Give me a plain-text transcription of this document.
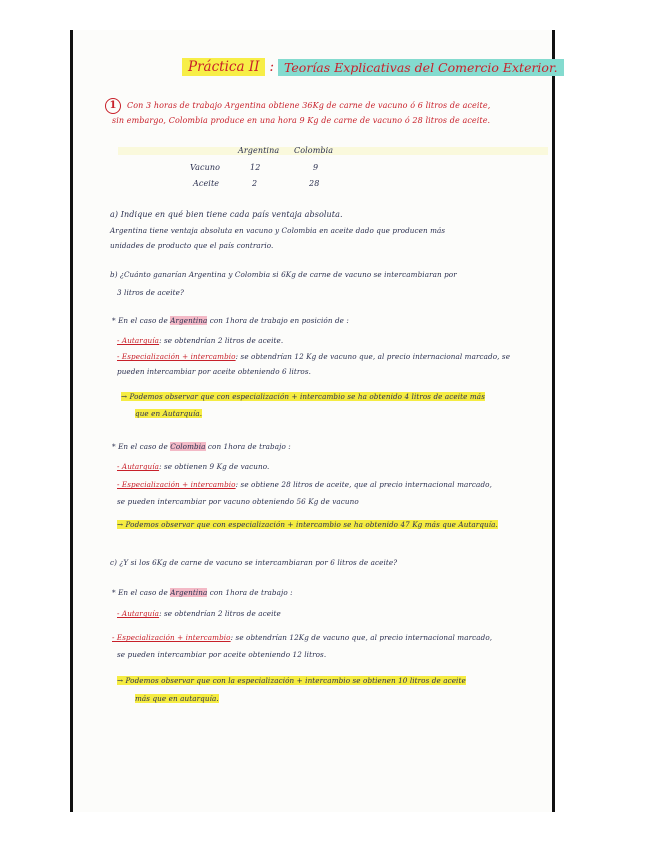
Práctica II : Teorías Explicativas del Comercio Exterior.
1 Con 3 horas de trabajo Argentina obtiene 36Kg de carne de vacuno ó 6 litros de aceite,
sin embargo, Colombia produce en una hora 9 Kg de carne de vacuno ó 28 litros de aceite.
Argentina Colombia
Vacuno	12	9
Aceite	2	28
a) Indique en qué bien tiene cada país ventaja absoluta.
Argentina tiene ventaja absoluta en vacuno y Colombia en aceite dado que producen más
unidades de producto que el país contrario.
b) ¿Cuánto ganarían Argentina y Colombia si 6Kg de carne de vacuno se intercambiaran por
3 litros de aceite?
* En el caso de Argentina con 1hora de trabajo en posición de :
- Autarquía: se obtendrían 2 litros de aceite.
- Especialización + intercambio: se obtendrían 12 Kg de vacuno que, al precio internacional marcado, se
pueden intercambiar por aceite obteniendo 6 litros.
→ Podemos observar que con especialización + intercambio se ha obtenido 4 litros de aceite más
que en Autarquía.
* En el caso de Colombia con 1hora de trabajo :
- Autarquía: se obtienen 9 Kg de vacuno.
- Especialización + intercambio: se obtiene 28 litros de aceite, que al precio internacional marcado,
se pueden intercambiar por vacuno obteniendo 56 Kg de vacuno
→ Podemos observar que con especialización + intercambio se ha obtenido 47 Kg más que Autarquía.
c) ¿Y si los 6Kg de carne de vacuno se intercambiaran por 6 litros de aceite?
* En el caso de Argentina con 1hora de trabajo :
- Autarquía: se obtendrían 2 litros de aceite
- Especialización + intercambio: se obtendrían 12Kg de vacuno que, al precio internacional marcado,
se pueden intercambiar por aceite obteniendo 12 litros.
→ Podemos observar que con la especialización + intercambio se obtienen 10 litros de aceite
más que en autarquía.
